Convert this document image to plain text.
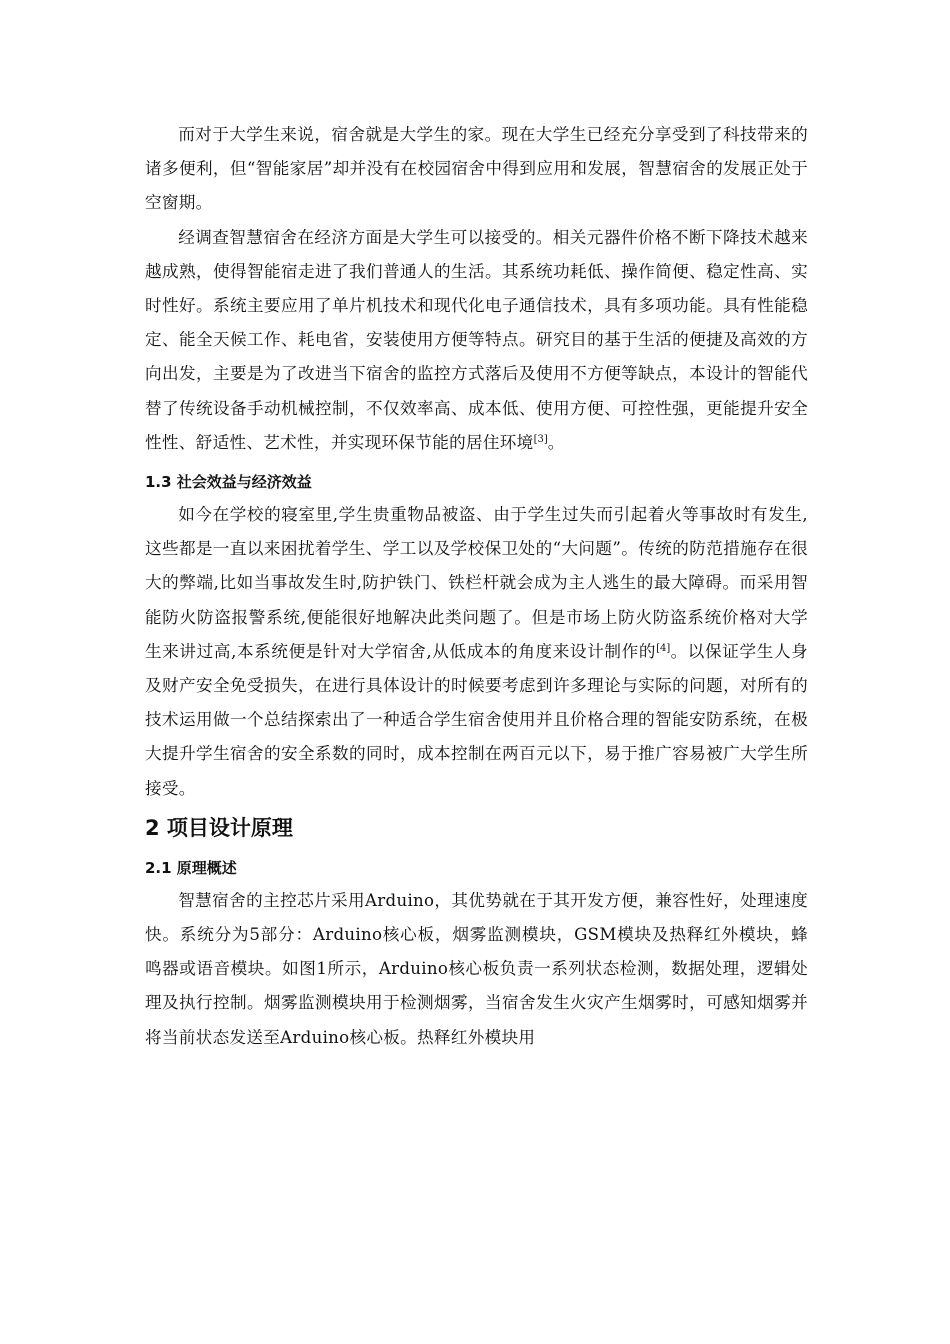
而对于大学生来说，宿舍就是大学生的家。现在大学生已经充分享受到了科技带来的诸多便利，但“智能家居”却并没有在校园宿舍中得到应用和发展，智慧宿舍的发展正处于空窗期。

经调查智慧宿舍在经济方面是大学生可以接受的。相关元器件价格不断下降技术越来越成熟，使得智能宿走进了我们普通人的生活。其系统功耗低、操作简便、稳定性高、实时性好。系统主要应用了单片机技术和现代化电子通信技术，具有多项功能。具有性能稳定、能全天候工作、耗电省，安装使用方便等特点。研究目的基于生活的便捷及高效的方向出发，主要是为了改进当下宿舍的监控方式落后及使用不方便等缺点，本设计的智能代替了传统设备手动机械控制，不仅效率高、成本低、使用方便、可控性强，更能提升安全性性、舒适性、艺术性，并实现环保节能的居住环境[3]。

1.3 社会效益与经济效益

如今在学校的寝室里,学生贵重物品被盗、由于学生过失而引起着火等事故时有发生,这些都是一直以来困扰着学生、学工以及学校保卫处的“大问题”。传统的防范措施存在很大的弊端,比如当事故发生时,防护铁门、铁栏杆就会成为主人逃生的最大障碍。而采用智能防火防盗报警系统,便能很好地解决此类问题了。但是市场上防火防盗系统价格对大学生来讲过高,本系统便是针对大学宿舍,从低成本的角度来设计制作的[4]。以保证学生人身及财产安全免受损失，在进行具体设计的时候要考虑到许多理论与实际的问题，对所有的技术运用做一个总结探索出了一种适合学生宿舍使用并且价格合理的智能安防系统，在极大提升学生宿舍的安全系数的同时，成本控制在两百元以下，易于推广容易被广大学生所接受。

2 项目设计原理
2.1 原理概述

智慧宿舍的主控芯片采用Arduino，其优势就在于其开发方便，兼容性好，处理速度快。系统分为5部分：Arduino核心板，烟雾监测模块，GSM模块及热释红外模块，蜂鸣器或语音模块。如图1所示，Arduino核心板负责一系列状态检测，数据处理，逻辑处理及执行控制。烟雾监测模块用于检测烟雾，当宿舍发生火灾产生烟雾时，可感知烟雾并将当前状态发送至Arduino核心板。热释红外模块用
